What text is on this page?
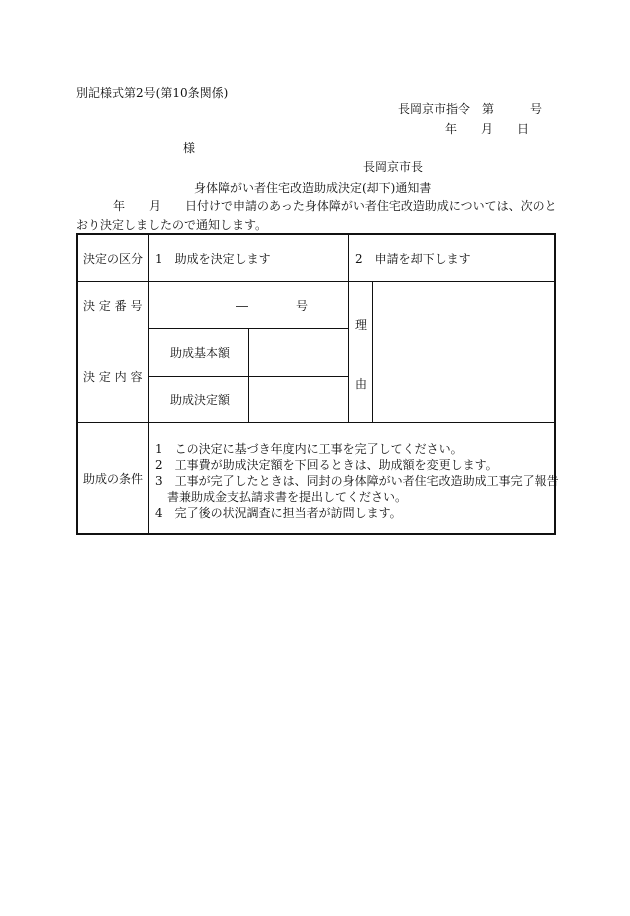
別記様式第2号(第10条関係)
長岡京市指令　第　　　号
年　　月　　日
様
長岡京市長
身体障がい者住宅改造助成決定(却下)通知書
年　　月　　日付けで申請のあった身体障がい者住宅改造助成については、次のと
おり決定しましたので通知します。
決定の区分 1　助成を決定します	2　申請を却下します
決 定 番 号	―　　　　号
理
由
決 定 内 容
助成基本額
助成決定額
助成の条件
1　この決定に基づき年度内に工事を完了してください。
2　工事費が助成決定額を下回るときは、助成額を変更します。
3　工事が完了したときは、同封の身体障がい者住宅改造助成工事完了報告
　書兼助成金支払請求書を提出してください。
4　完了後の状況調査に担当者が訪問します。
